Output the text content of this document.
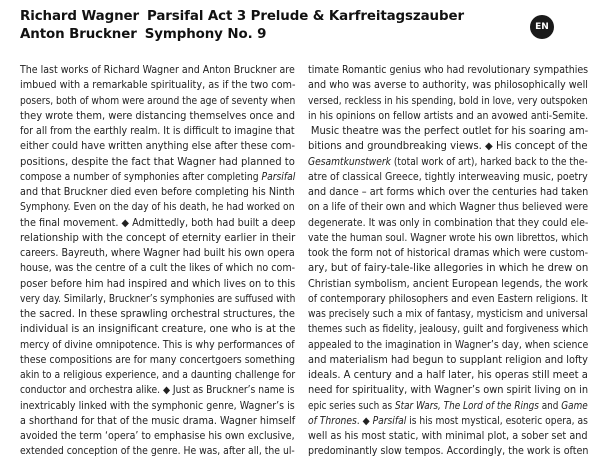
Richard Wagner Parsifal Act 3 Prelude & Karfreitagszauber
Anton Bruckner Symphony No. 9	EN
The last works of Richard Wagner and Anton Bruckner are
imbued with a remarkable spirituality, as if the two com-
posers, both of whom were around the age of seventy when
they wrote them, were distancing themselves once and
for all from the earthly realm. It is difficult to imagine that
either could have written anything else after these com-
positions, despite the fact that Wagner had planned to
compose a number of symphonies after completing Parsifal
and that Bruckner died even before completing his Ninth
Symphony. Even on the day of his death, he had worked on
the final movement. ◆ Admittedly, both had built a deep
relationship with the concept of eternity earlier in their
careers. Bayreuth, where Wagner had built his own opera
house, was the centre of a cult the likes of which no com-
poser before him had inspired and which lives on to this
very day. Similarly, Bruckner’s symphonies are suffused with
the sacred. In these sprawling orchestral structures, the
individual is an insignificant creature, one who is at the
mercy of divine omnipotence. This is why performances of
these compositions are for many concertgoers something
akin to a religious experience, and a daunting challenge for
conductor and orchestra alike. ◆ Just as Bruckner’s name is
inextricably linked with the symphonic genre, Wagner’s is
a shorthand for that of the music drama. Wagner himself
avoided the term ‘opera’ to emphasise his own exclusive,
extended conception of the genre. He was, after all, the ul-
timate Romantic genius who had revolutionary sympathies
and who was averse to authority, was philosophically well
versed, reckless in his spending, bold in love, very outspoken
in his opinions on fellow artists and an avowed anti-Semite.
Music theatre was the perfect outlet for his soaring am-
bitions and groundbreaking views. ◆ His concept of the
Gesamtkunstwerk (total work of art), harked back to the the-
atre of classical Greece, tightly interweaving music, poetry
and dance – art forms which over the centuries had taken
on a life of their own and which Wagner thus believed were
degenerate. It was only in combination that they could ele-
vate the human soul. Wagner wrote his own librettos, which
took the form not of historical dramas which were custom-
ary, but of fairy-tale-like allegories in which he drew on
Christian symbolism, ancient European legends, the work
of contemporary philosophers and even Eastern religions. It
was precisely such a mix of fantasy, mysticism and universal
themes such as fidelity, jealousy, guilt and forgiveness which
appealed to the imagination in Wagner’s day, when science
and materialism had begun to supplant religion and lofty
ideals. A century and a half later, his operas still meet a
need for spirituality, with Wagner’s own spirit living on in
epic series such as Star Wars, The Lord of the Rings and Game
of Thrones. ◆ Parsifal is his most mystical, esoteric opera, as
well as his most static, with minimal plot, a sober set and
predominantly slow tempos. Accordingly, the work is often
